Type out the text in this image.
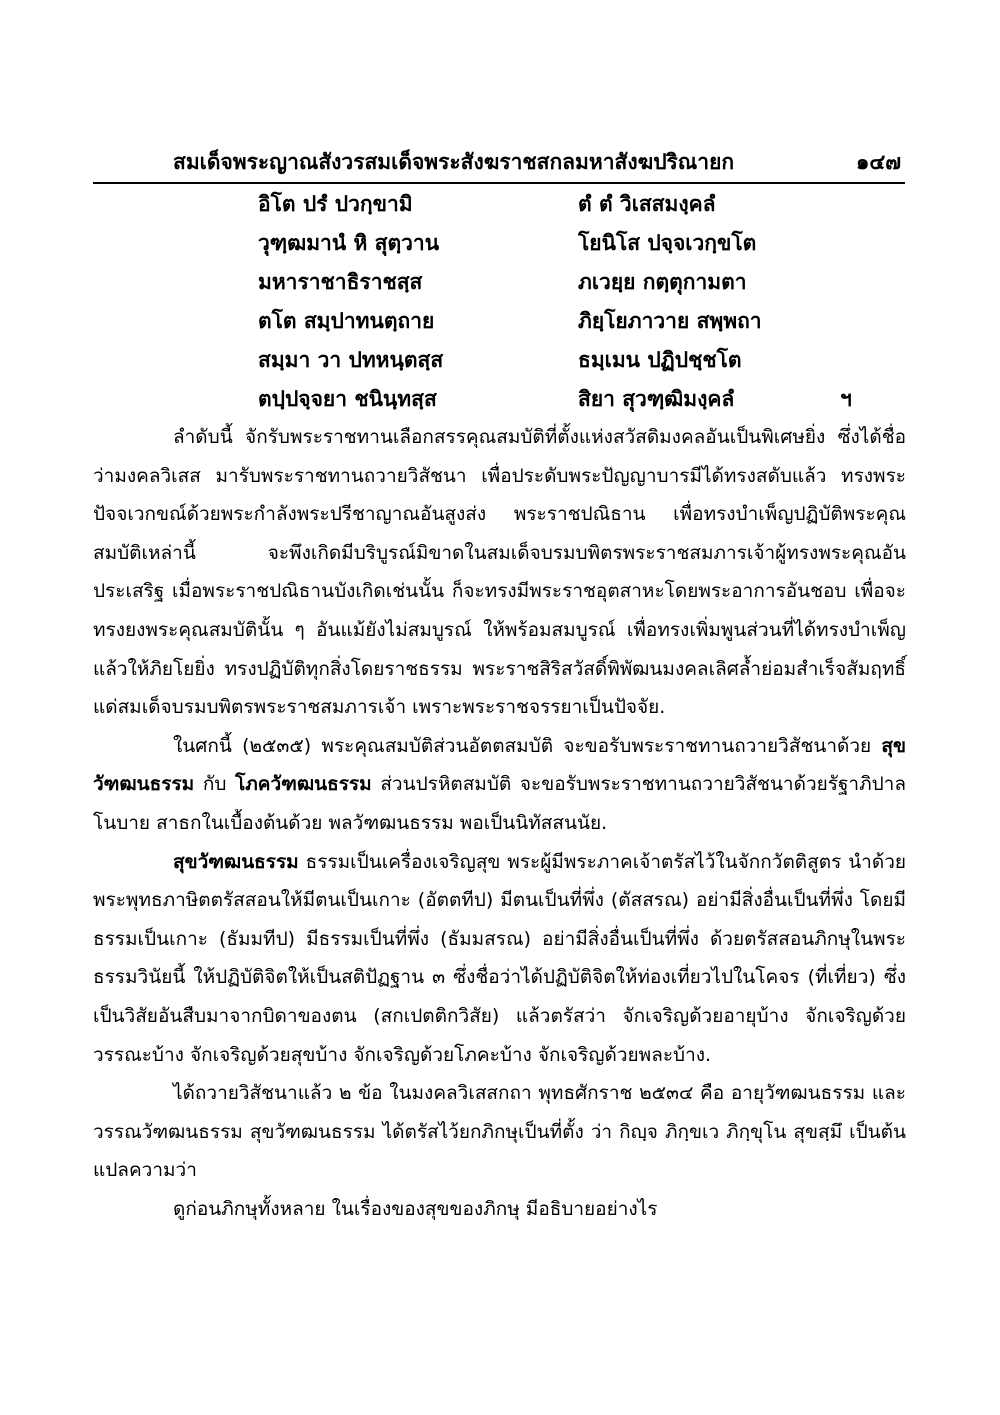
สมเด็จพระญาณสังวรสมเด็จพระสังฆราชสกลมหาสังฆปริณายก	๑๔๗
อิโต ปรํ ปวกฺขามิ	ตํ ตํ วิเสสมงฺคลํ
วุฑฺฒมานํ หิ สุตฺวาน	โยนิโส ปจฺจเวกฺขโต
มหาราชาธิราชสฺส	ภเวยฺย กตฺตุกามตา
ตโต สมฺปาทนตฺถาย	ภิยฺโยภาวาย สพฺพถา
สมฺมา วา ปทหนฺตสฺส	ธมฺเมน ปฏิปชฺชโต
ตปฺปจฺจยา ชนินฺทสฺส	สิยา สุวฑฺฒิมงฺคลํ	ฯ

ลำดับนี้ จักรับพระราชทานเลือกสรรคุณสมบัติที่ตั้งแห่งสวัสดิมงคลอันเป็นพิเศษยิ่ง ซึ่งได้ชื่อว่ามงคลวิเสส มารับพระราชทานถวายวิสัชนา เพื่อประดับพระปัญญาบารมีได้ทรงสดับแล้ว ทรงพระปัจจเวกขณ์ด้วยพระกำลังพระปรีชาญาณอันสูงส่ง พระราชปณิธาน เพื่อทรงบำเพ็ญปฏิบัติพระคุณสมบัติเหล่านี้ จะพึงเกิดมีบริบูรณ์มิขาดในสมเด็จบรมบพิตรพระราชสมภารเจ้าผู้ทรงพระคุณอันประเสริฐ เมื่อพระราชปณิธานบังเกิดเช่นนั้น ก็จะทรงมีพระราชอุตสาหะโดยพระอาการอันชอบ เพื่อจะทรงยงพระคุณสมบัตินั้น ๆ อันแม้ยังไม่สมบูรณ์ ให้พร้อมสมบูรณ์ เพื่อทรงเพิ่มพูนส่วนที่ได้ทรงบำเพ็ญแล้วให้ภิยโยยิ่ง ทรงปฏิบัติทุกสิ่งโดยราชธรรม พระราชสิริสวัสดิ์พิพัฒนมงคลเลิศล้ำย่อมสำเร็จสัมฤทธิ์แด่สมเด็จบรมบพิตรพระราชสมภารเจ้า เพราะพระราชจรรยาเป็นปัจจัย.

ในศกนี้ (๒๕๓๕) พระคุณสมบัติส่วนอัตตสมบัติ จะขอรับพระราชทานถวายวิสัชนาด้วย สุขวัฑฒนธรรม กับ โภควัฑฒนธรรม ส่วนปรหิตสมบัติ จะขอรับพระราชทานถวายวิสัชนาด้วยรัฐาภิปาลโนบาย สาธกในเบื้องต้นด้วย พลวัฑฒนธรรม พอเป็นนิทัสสนนัย.

สุขวัฑฒนธรรม ธรรมเป็นเครื่องเจริญสุข พระผู้มีพระภาคเจ้าตรัสไว้ในจักกวัตติสูตร นำด้วยพระพุทธภาษิตตรัสสอนให้มีตนเป็นเกาะ (อัตตทีป) มีตนเป็นที่พึ่ง (ตัสสรณ) อย่ามีสิ่งอื่นเป็นที่พึ่ง โดยมีธรรมเป็นเกาะ (ธัมมทีป) มีธรรมเป็นที่พึ่ง (ธัมมสรณ) อย่ามีสิ่งอื่นเป็นที่พึ่ง ด้วยตรัสสอนภิกษุในพระธรรมวินัยนี้ ให้ปฏิบัติจิตให้เป็นสติปัฏฐาน ๓ ซึ่งชื่อว่าได้ปฏิบัติจิตให้ท่องเที่ยวไปในโคจร (ที่เที่ยว) ซึ่งเป็นวิสัยอันสืบมาจากบิดาของตน (สกเปตติกวิสัย) แล้วตรัสว่า จักเจริญด้วยอายุบ้าง จักเจริญด้วยวรรณะบ้าง จักเจริญด้วยสุขบ้าง จักเจริญด้วยโภคะบ้าง จักเจริญด้วยพละบ้าง.

ได้ถวายวิสัชนาแล้ว ๒ ข้อ ในมงคลวิเสสกถา พุทธศักราช ๒๕๓๔ คือ อายุวัฑฒนธรรม และ วรรณวัฑฒนธรรม สุขวัฑฒนธรรม ได้ตรัสไว้ยกภิกษุเป็นที่ตั้ง ว่า กิญฺจ ภิกฺขเว ภิกฺขุโน สุขสฺมึ เป็นต้น แปลความว่า

ดูก่อนภิกษุทั้งหลาย ในเรื่องของสุขของภิกษุ มีอธิบายอย่างไร
